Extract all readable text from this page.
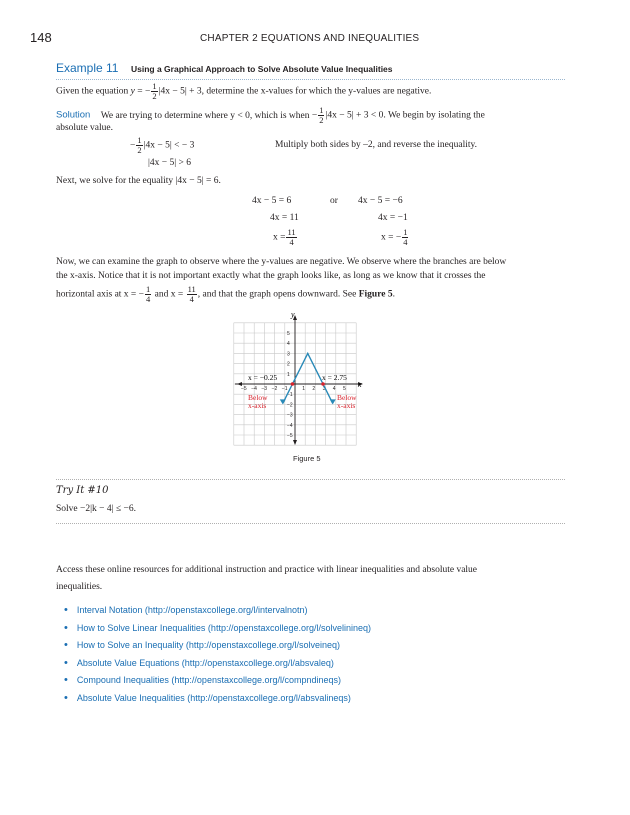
148	CHAPTER 2 EQUATIONS AND INEQUALITIES
Example 11 Using a Graphical Approach to Solve Absolute Value Inequalities
Given the equation y = − $\frac{1}{2} |4x - 5| + 3$, determine the x-values for which the y-values are negative.
Solution We are trying to determine where y < 0, which is when − $\frac{1}{2} |4x - 5| + 3 < 0$. We begin by isolating the
absolute value.
− $\frac{1}{2} |4x - 5|$ < − 3	Multiply both sides by –2, and reverse the inequality.
|4x − 5| > 6
Next, we solve for the equality |4x − 5| = 6.
4x − 5 = 6	or 4x − 5 = −6
4x = 11	4x = −1
$x = \frac{11}{4}$	x = − $\frac{1}{4}$
Now, we can examine the graph to observe where the y-values are negative. We observe where the branches are below
the x-axis. Notice that it is not important exactly what the graph looks like, as long as we know that it crosses the
horizontal axis at x = − $\frac{1}{4}$ and $x = \frac{11}{4}$ , and that the graph opens downward. See Figure 5.
y
x
−5 −4 −3 −2 −1	1 2 3 4 5
5
4
3
2
1
−1
−2
−3
−4
−5
x = −0.25	x = 2.75
Below
x-axis
Below
x-axis
Figure 5
Try It #10
Solve −2|k − 4| ≤ −6.
Access these online resources for additional instruction and practice with linear inequalities and absolute value
inequalities.
• Interval Notation (http://openstaxcollege.org/l/intervalnotn)
• How to Solve Linear Inequalities (http://openstaxcollege.org/l/solvelinineq)
• How to Solve an Inequality (http://openstaxcollege.org/l/solveineq)
• Absolute Value Equations (http://openstaxcollege.org/l/absvaleq)
• Compound Inequalities (http://openstaxcollege.org/l/compndineqs)
• Absolute Value Inequalities (http://openstaxcollege.org/l/absvalineqs)
